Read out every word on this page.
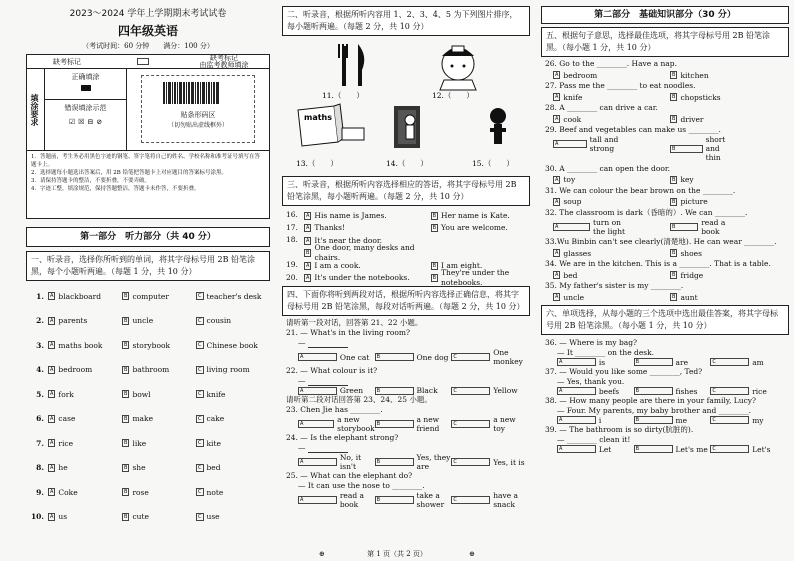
2023～2024 学年上学期期末考试试卷
四年级英语
（考试时间：60 分钟 满分：100 分）
缺考标记	缺考标记
由监考教师填涂
填涂要求
正确填涂
错误填涂示范
☑ ☒ ⊟ ⊘
贴条形码区
（切勿贴出虚线框外）
1．答题前，考生务必用黑色字迹的钢笔、签字笔将自己的姓名、学校名称和准考证号填写在答题卡上。
2．选择题每小题选出答案后，用 2B 铅笔把答题卡上对应题目的答案标号涂黑。
3．请保持答题卡的整洁，不要折叠，不要弄破。
4．字迹工整，填涂规范，保持答题整洁，答题卡未作答，不要折叠。
第一部分　听力部分（共 40 分）
一、听录音，选择你所听到的单词，将其字母标号用 2B 铅笔涂黑，每个小题听两遍。（每题 1 分，共 10 分）
1.	A blackboard	B computer	C teacher's desk
2.	A parents	B uncle	C cousin
3.	A maths book	B storybook	C Chinese book
4.	A bedroom	B bathroom	C living room
5.	A fork	B bowl	C knife
6.	A case	B make	C cake
7.	A rice	B like	C kite
8.	A he	B she	C bed
9.	A Coke	B rose	C note
10.	A us	B cute	C use
二、听录音，根据所听内容用 1、2、3、4、5 为下列图片排序，每小题听两遍。（每题 2 分，共 10 分）
maths
11.（　　）	12.（　　）
13.（　　）	14.（　　）	15.（　　）
三、听录音，根据所听内容选择相应的答语，将其字母标号用 2B 铅笔涂黑，每小题听两遍。（每题 2 分，共 10 分）
16.	A His name is James.	B Her name is Kate.
17.	A Thanks!	B You are welcome.
18.	A It's near the door.
B
One door, many desks and chairs.
19.	A I am a cook.	B I am eight.
20.	A It's under the notebooks.	B
They're under the notebooks.
四、下面你将听到两段对话，根据所听内容选择正确信息，将其字母标号用 2B 铅笔涂黑，每段对话听两遍。（每题 2 分，共 10 分）
请听第一段对话，回答第 21、22 小题。
21. — What's in the living room?
—
A	One cat	B	One dog C	One monkey
22. — What colour is it?
—
A	Green	B	Black	C	Yellow
请听第二段对话回答第 23、24、25 小题。
23. Chen Jie has ________.
A	a new storybook B	a new friend	C	a new toy
24. — Is the elephant strong?
—
A	No, it isn't	B	Yes, they are	C	Yes, it is
25. — What can the elephant do?
— It can use the nose to ________.
A	read a book	B	take a shower	C	have a snack
第二部分　基础知识部分（30 分）
五、根据句子意思，选择最佳选项，将其字母标号用 2B 铅笔涂黑。（每小题 1 分，共 10 分）
26. Go to the ________. Have a nap.
A bedroom	B kitchen
27. Pass me the ________ to eat noodles.
A knife	B chopsticks
28. A ________ can drive a car.
A cook	B driver
29. Beef and vegetables can make us ________.
A	tall and strong	B
short and thin
30. A ________ can open the door.
A toy	B key
31. We can colour the bear brown on the ________.
A soup	B picture
32. The classroom is dark（昏暗的）. We can ________.
A	turn on the light	B	read a book
33.Wu Binbin can't see clearly(清楚地). He can wear ________.
A glasses	B shoes
34. We are in the kitchen. This is a ________. That is a table.
A bed	B fridge
35. My father's sister is my ________.
A uncle	B aunt
六、单项选择，从每小题的三个选项中选出最佳答案，将其字母标号用 2B 铅笔涂黑。（每小题 1 分，共 10 分）
36. — Where is my bag?
— It ________ on the desk.
A	is	B	are	C	am
37. — Would you like some ________, Ted?
— Yes, thank you.
A	beefs	B	fishes	C	rice
38. — How many people are there in your family, Lucy?
— Four. My parents, my baby brother and ________.
A	i	B	me	C	my
39. — The bathroom is so dirty(肮脏的).
— ________ clean it!
A	Let	B	Let's me C	Let's
⊕	第 1 页（共 2 页）	⊕
